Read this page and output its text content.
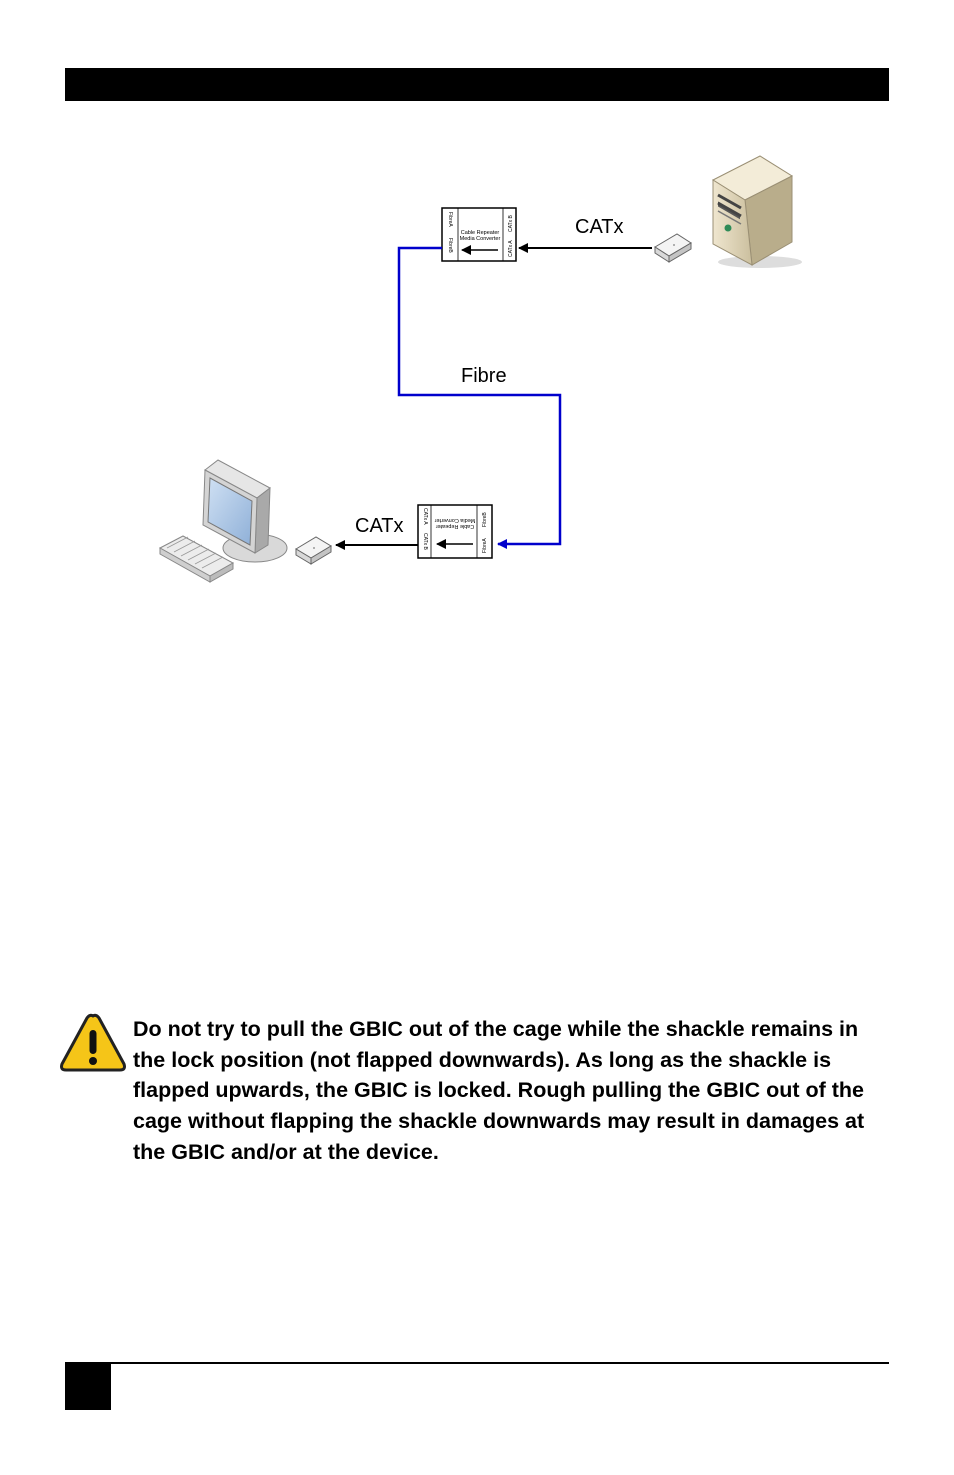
Cable Repeater
Media Converter
FibreA
FibreB	CATx A
CATx B	CATx
Fibre
Cable Repeater
Media Converter
FibreA
FibreB
CATx A
CATx B
CATx
Do not try to pull the GBIC out of the cage while the shackle remains in the lock position (not flapped downwards). As long as the shackle is flapped upwards, the GBIC is locked. Rough pulling the GBIC out of the cage without flapping the shackle downwards may result in damages at the GBIC and/or at the device.
